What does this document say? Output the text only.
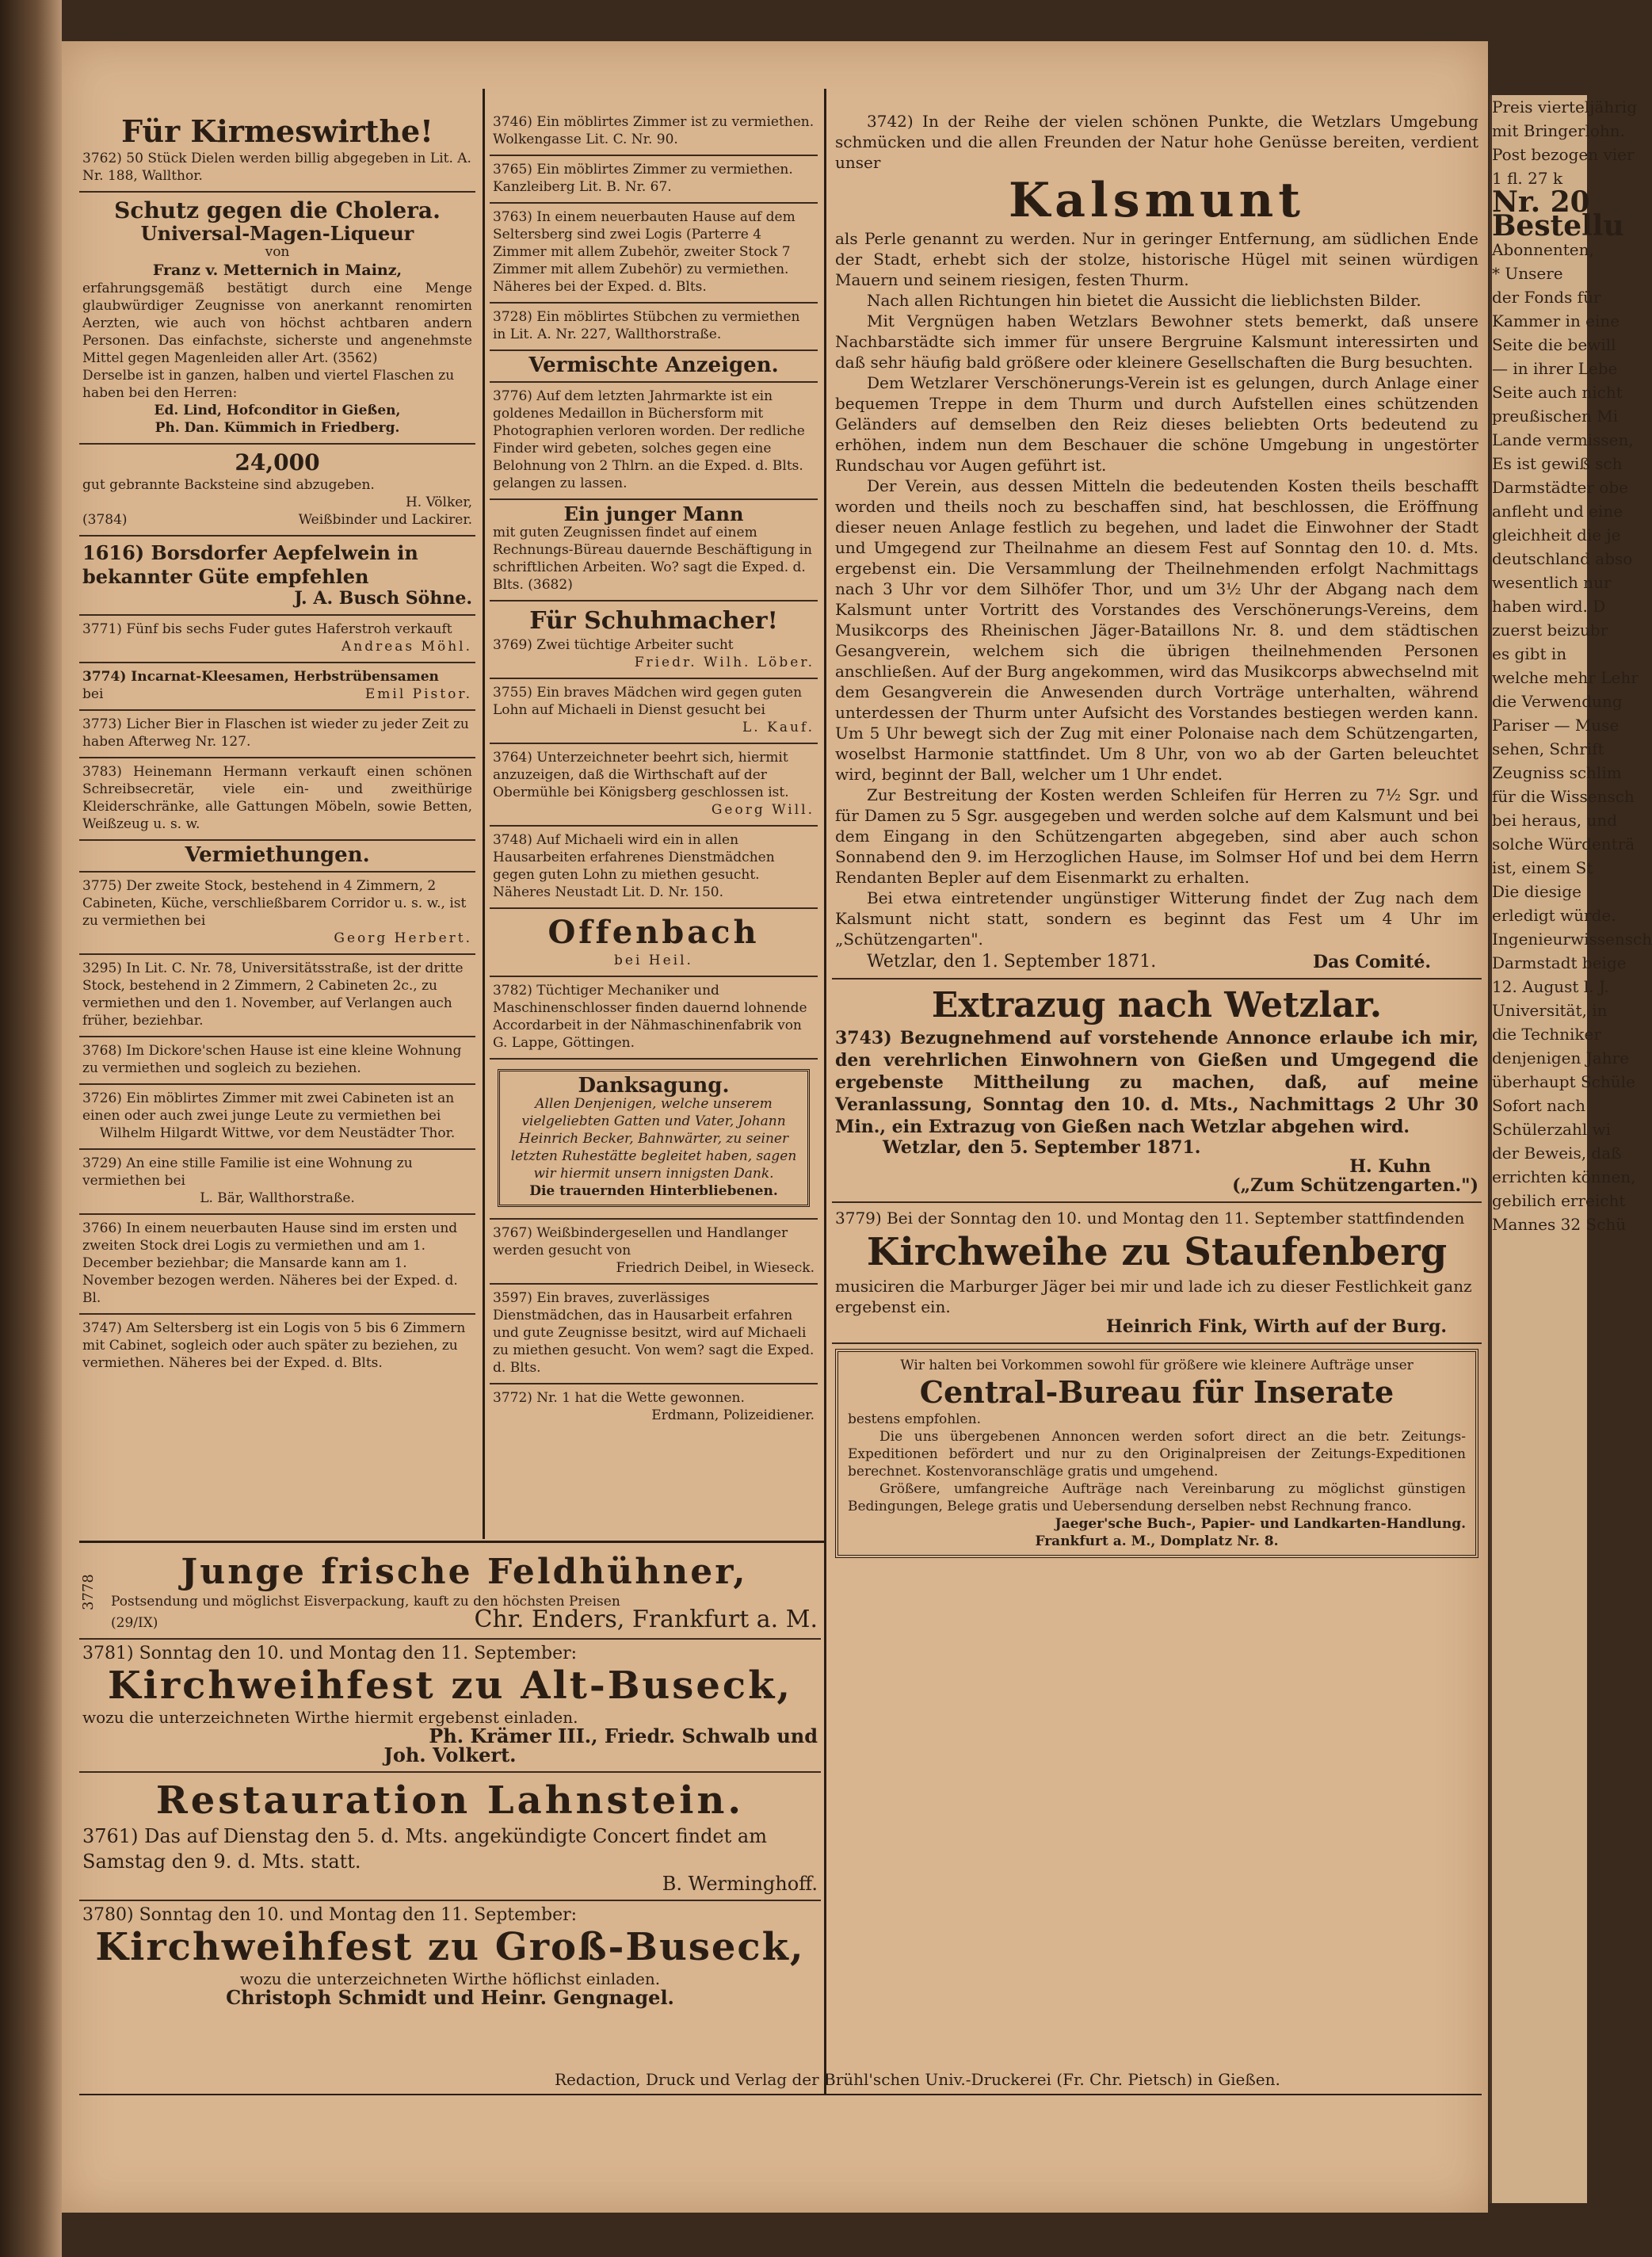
Für Kirmeswirthe!

3762) 50 Stück Dielen werden billig abgegeben in Lit. A. Nr. 188, Wallthor.

Schutz gegen die Cholera.
Universal-Magen-Liqueur
von
Franz v. Metternich in Mainz,

erfahrungsgemäß bestätigt durch eine Menge glaubwürdiger Zeugnisse von anerkannt renomirten Aerzten, wie auch von höchst achtbaren andern Personen. Das einfachste, sicherste und angenehmste Mittel gegen Magenleiden aller Art. (3562)

Derselbe ist in ganzen, halben und viertel Flaschen zu haben bei den Herren:

Ed. Lind, Hofconditor in Gießen,
Ph. Dan. Kümmich in Friedberg.
24,000

gut gebrannte Backsteine sind abzugeben.

H. Völker,
(3784)	Weißbinder und Lackirer.

1616) Borsdorfer Aepfelwein in bekannter Güte empfehlen

J. A. Busch Söhne.

3771) Fünf bis sechs Fuder gutes Haferstroh verkauft

Andreas Möhl.

3774) Incarnat-Kleesamen, Herbstrübensamen

bei	Emil Pistor.

3773) Licher Bier in Flaschen ist wieder zu jeder Zeit zu haben Afterweg Nr. 127.

3783) Heinemann Hermann verkauft einen schönen Schreibsecretär, viele ein- und zweithürige Kleiderschränke, alle Gattungen Möbeln, sowie Betten, Weißzeug u. s. w.

Vermiethungen.

3775) Der zweite Stock, bestehend in 4 Zimmern, 2 Cabineten, Küche, verschließbarem Corridor u. s. w., ist zu vermiethen bei

Georg Herbert.

3295) In Lit. C. Nr. 78, Universitätsstraße, ist der dritte Stock, bestehend in 2 Zimmern, 2 Cabineten 2c., zu vermiethen und den 1. November, auf Verlangen auch früher, beziehbar.

3768) Im Dickore'schen Hause ist eine kleine Wohnung zu vermiethen und sogleich zu beziehen.

3726) Ein möblirtes Zimmer mit zwei Cabineten ist an einen oder auch zwei junge Leute zu vermiethen bei

Wilhelm Hilgardt Wittwe, vor dem Neustädter Thor.

3729) An eine stille Familie ist eine Wohnung zu vermiethen bei

L. Bär, Wallthorstraße.

3766) In einem neuerbauten Hause sind im ersten und zweiten Stock drei Logis zu vermiethen und am 1. December beziehbar; die Mansarde kann am 1. November bezogen werden. Näheres bei der Exped. d. Bl.

3747) Am Seltersberg ist ein Logis von 5 bis 6 Zimmern mit Cabinet, sogleich oder auch später zu beziehen, zu vermiethen. Näheres bei der Exped. d. Blts.

3746) Ein möblirtes Zimmer ist zu vermiethen. Wolkengasse Lit. C. Nr. 90.

3765) Ein möblirtes Zimmer zu vermiethen. Kanzleiberg Lit. B. Nr. 67.

3763) In einem neuerbauten Hause auf dem Seltersberg sind zwei Logis (Parterre 4 Zimmer mit allem Zubehör, zweiter Stock 7 Zimmer mit allem Zubehör) zu vermiethen. Näheres bei der Exped. d. Blts.

3728) Ein möblirtes Stübchen zu vermiethen in Lit. A. Nr. 227, Wallthorstraße.

Vermischte Anzeigen.

3776) Auf dem letzten Jahrmarkte ist ein goldenes Medaillon in Büchersform mit Photographien verloren worden. Der redliche Finder wird gebeten, solches gegen eine Belohnung von 2 Thlrn. an die Exped. d. Blts. gelangen zu lassen.

Ein junger Mann

mit guten Zeugnissen findet auf einem Rechnungs-Büreau dauernde Beschäftigung in schriftlichen Arbeiten. Wo? sagt die Exped. d. Blts. (3682)

Für Schuhmacher!

3769) Zwei tüchtige Arbeiter sucht

Friedr. Wilh. Löber.

3755) Ein braves Mädchen wird gegen guten Lohn auf Michaeli in Dienst gesucht bei

L. Kauf.

3764) Unterzeichneter beehrt sich, hiermit anzuzeigen, daß die Wirthschaft auf der Obermühle bei Königsberg geschlossen ist.

Georg Will.

3748) Auf Michaeli wird ein in allen Hausarbeiten erfahrenes Dienstmädchen gegen guten Lohn zu miethen gesucht. Näheres Neustadt Lit. D. Nr. 150.

Offenbach
bei Heil.

3782) Tüchtiger Mechaniker und Maschinenschlosser finden dauernd lohnende Accordarbeit in der Nähmaschinenfabrik von G. Lappe, Göttingen.

Danksagung.

Allen Denjenigen, welche unserem vielgeliebten Gatten und Vater, Johann Heinrich Becker, Bahnwärter, zu seiner letzten Ruhestätte begleitet haben, sagen wir hiermit unsern innigsten Dank.

Die trauernden Hinterbliebenen.

3767) Weißbindergesellen und Handlanger werden gesucht von

Friedrich Deibel, in Wieseck.

3597) Ein braves, zuverlässiges Dienstmädchen, das in Hausarbeit erfahren und gute Zeugnisse besitzt, wird auf Michaeli zu miethen gesucht. Von wem? sagt die Exped. d. Blts.

3772) Nr. 1 hat die Wette gewonnen.

Erdmann, Polizeidiener.
3778
Junge frische Feldhühner,

Postsendung und möglichst Eisverpackung, kauft zu den höchsten Preisen

(29/IX)	Chr. Enders, Frankfurt a. M.

3781) Sonntag den 10. und Montag den 11. September:

Kirchweihfest zu Alt-Buseck,

wozu die unterzeichneten Wirthe hiermit ergebenst einladen.

Ph. Krämer III., Friedr. Schwalb und
Joh. Volkert.
Restauration Lahnstein.

3761) Das auf Dienstag den 5. d. Mts. angekündigte Concert findet am Samstag den 9. d. Mts. statt.

B. Werminghoff.

3780) Sonntag den 10. und Montag den 11. September:

Kirchweihfest zu Groß-Buseck,

wozu die unterzeichneten Wirthe höflichst einladen.

Christoph Schmidt und Heinr. Gengnagel.

3742) In der Reihe der vielen schönen Punkte, die Wetzlars Umgebung schmücken und die allen Freunden der Natur hohe Genüsse bereiten, verdient unser

Kalsmunt

als Perle genannt zu werden. Nur in geringer Entfernung, am südlichen Ende der Stadt, erhebt sich der stolze, historische Hügel mit seinen würdigen Mauern und seinem riesigen, festen Thurm.

Nach allen Richtungen hin bietet die Aussicht die lieblichsten Bilder.

Mit Vergnügen haben Wetzlars Bewohner stets bemerkt, daß unsere Nachbarstädte sich immer für unsere Bergruine Kalsmunt interessirten und daß sehr häufig bald größere oder kleinere Gesellschaften die Burg besuchten.

Dem Wetzlarer Verschönerungs-Verein ist es gelungen, durch Anlage einer bequemen Treppe in dem Thurm und durch Aufstellen eines schützenden Geländers auf demselben den Reiz dieses beliebten Orts bedeutend zu erhöhen, indem nun dem Beschauer die schöne Umgebung in ungestörter Rundschau vor Augen geführt ist.

Der Verein, aus dessen Mitteln die bedeutenden Kosten theils beschafft worden und theils noch zu beschaffen sind, hat beschlossen, die Eröffnung dieser neuen Anlage festlich zu begehen, und ladet die Einwohner der Stadt und Umgegend zur Theilnahme an diesem Fest auf Sonntag den 10. d. Mts. ergebenst ein. Die Versammlung der Theilnehmenden erfolgt Nachmittags nach 3 Uhr vor dem Silhöfer Thor, und um 3½ Uhr der Abgang nach dem Kalsmunt unter Vortritt des Vorstandes des Verschönerungs-Vereins, dem Musikcorps des Rheinischen Jäger-Bataillons Nr. 8. und dem städtischen Gesangverein, welchem sich die übrigen theilnehmenden Personen anschließen. Auf der Burg angekommen, wird das Musikcorps abwechselnd mit dem Gesangverein die Anwesenden durch Vorträge unterhalten, während unterdessen der Thurm unter Aufsicht des Vorstandes bestiegen werden kann. Um 5 Uhr bewegt sich der Zug mit einer Polonaise nach dem Schützengarten, woselbst Harmonie stattfindet. Um 8 Uhr, von wo ab der Garten beleuchtet wird, beginnt der Ball, welcher um 1 Uhr endet.

Zur Bestreitung der Kosten werden Schleifen für Herren zu 7½ Sgr. und für Damen zu 5 Sgr. ausgegeben und werden solche auf dem Kalsmunt und bei dem Eingang in den Schützengarten abgegeben, sind aber auch schon Sonnabend den 9. im Herzoglichen Hause, im Solmser Hof und bei dem Herrn Rendanten Bepler auf dem Eisenmarkt zu erhalten.

Bei etwa eintretender ungünstiger Witterung findet der Zug nach dem Kalsmunt nicht statt, sondern es beginnt das Fest um 4 Uhr im „Schützengarten".

Wetzlar, den 1. September 1871.	Das Comité.
Extrazug nach Wetzlar.

3743) Bezugnehmend auf vorstehende Annonce erlaube ich mir, den verehrlichen Einwohnern von Gießen und Umgegend die ergebenste Mittheilung zu machen, daß, auf meine Veranlassung, Sonntag den 10. d. Mts., Nachmittags 2 Uhr 30 Min., ein Extrazug von Gießen nach Wetzlar abgehen wird.

Wetzlar, den 5. September 1871.
H. Kuhn
(„Zum Schützengarten.")

3779) Bei der Sonntag den 10. und Montag den 11. September stattfindenden

Kirchweihe zu Staufenberg

musiciren die Marburger Jäger bei mir und lade ich zu dieser Festlichkeit ganz ergebenst ein.

Heinrich Fink, Wirth auf der Burg.

Wir halten bei Vorkommen sowohl für größere wie kleinere Aufträge unser

Central-Bureau für Inserate

bestens empfohlen.

Die uns übergebenen Annoncen werden sofort direct an die betr. Zeitungs-Expeditionen befördert und nur zu den Originalpreisen der Zeitungs-Expeditionen berechnet. Kostenvoranschläge gratis und umgehend.

Größere, umfangreiche Aufträge nach Vereinbarung zu möglichst günstigen Bedingungen, Belege gratis und Uebersendung derselben nebst Rechnung franco.

Jaeger'sche Buch-, Papier- und Landkarten-Handlung.
Frankfurt a. M., Domplatz Nr. 8.
Redaction, Druck und Verlag der Brühl'schen Univ.-Druckerei (Fr. Chr. Pietsch) in Gießen.
Preis vierteljährig
mit Bringerlohn.
Post bezogen vier
1 fl. 27 k
Nr. 20
Bestellu
Abonnenten,
* Unsere
der Fonds für
Kammer in eine
Seite die bewill
— in ihrer Lebe
Seite auch nicht
preußischen Mi
Lande vermissen,
Es ist gewiß sch
Darmstädter obe
anfleht und eine
gleichheit die je
deutschland abso
wesentlich nur
haben wird. D
zuerst beizubr
es gibt in
welche mehr Lehr
die Verwendung
Pariser — Muse
sehen, Schrift
Zeugniss schlim
für die Wissensch
bei heraus, und
solche Würdenträ
ist, einem St
Die diesige
erledigt würde.
Ingenieurwissensch
Darmstadt beige
12. August l. J.
Universität, in
die Techniker
denjenigen Jahre
überhaupt Schüle
Sofort nach
Schülerzahl wi
der Beweis, daß
errichten können,
gebilich erreicht
Mannes 32 Schü
